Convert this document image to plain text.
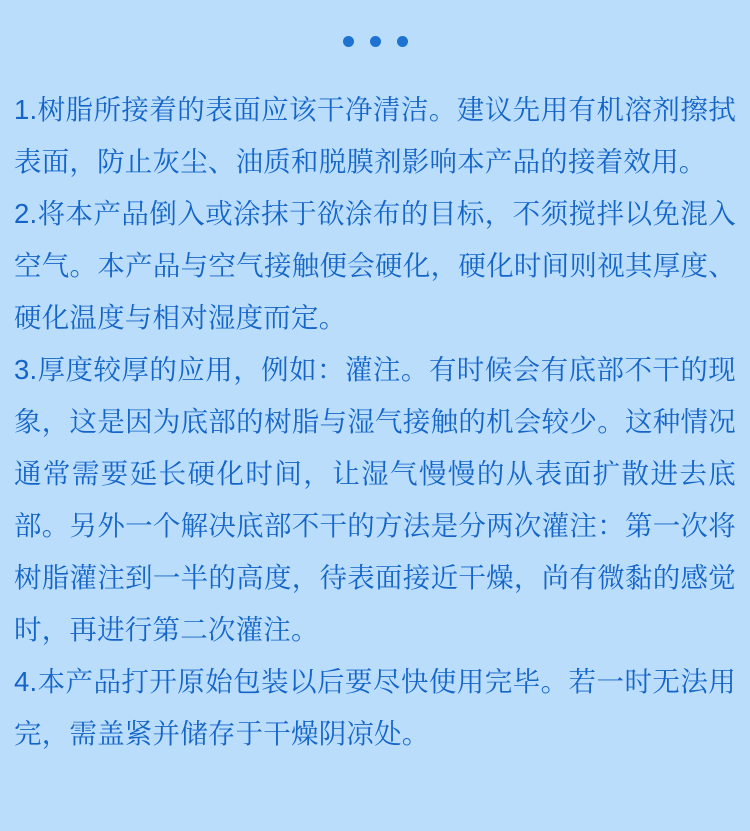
1.树脂所接着的表面应该干净清洁。建议先用有机溶剂擦拭表面，防止灰尘、油质和脱膜剂影响本产品的接着效用。

2.将本产品倒入或涂抹于欲涂布的目标，不须搅拌以免混入空气。本产品与空气接触便会硬化，硬化时间则视其厚度、硬化温度与相对湿度而定。

3.厚度较厚的应用，例如：灌注。有时候会有底部不干的现象，这是因为底部的树脂与湿气接触的机会较少。这种情况通常需要延长硬化时间，让湿气慢慢的从表面扩散进去底部。另外一个解决底部不干的方法是分两次灌注：第一次将树脂灌注到一半的高度，待表面接近干燥，尚有微黏的感觉时，再进行第二次灌注。

4.本产品打开原始包装以后要尽快使用完毕。若一时无法用完，需盖紧并储存于干燥阴凉处。
